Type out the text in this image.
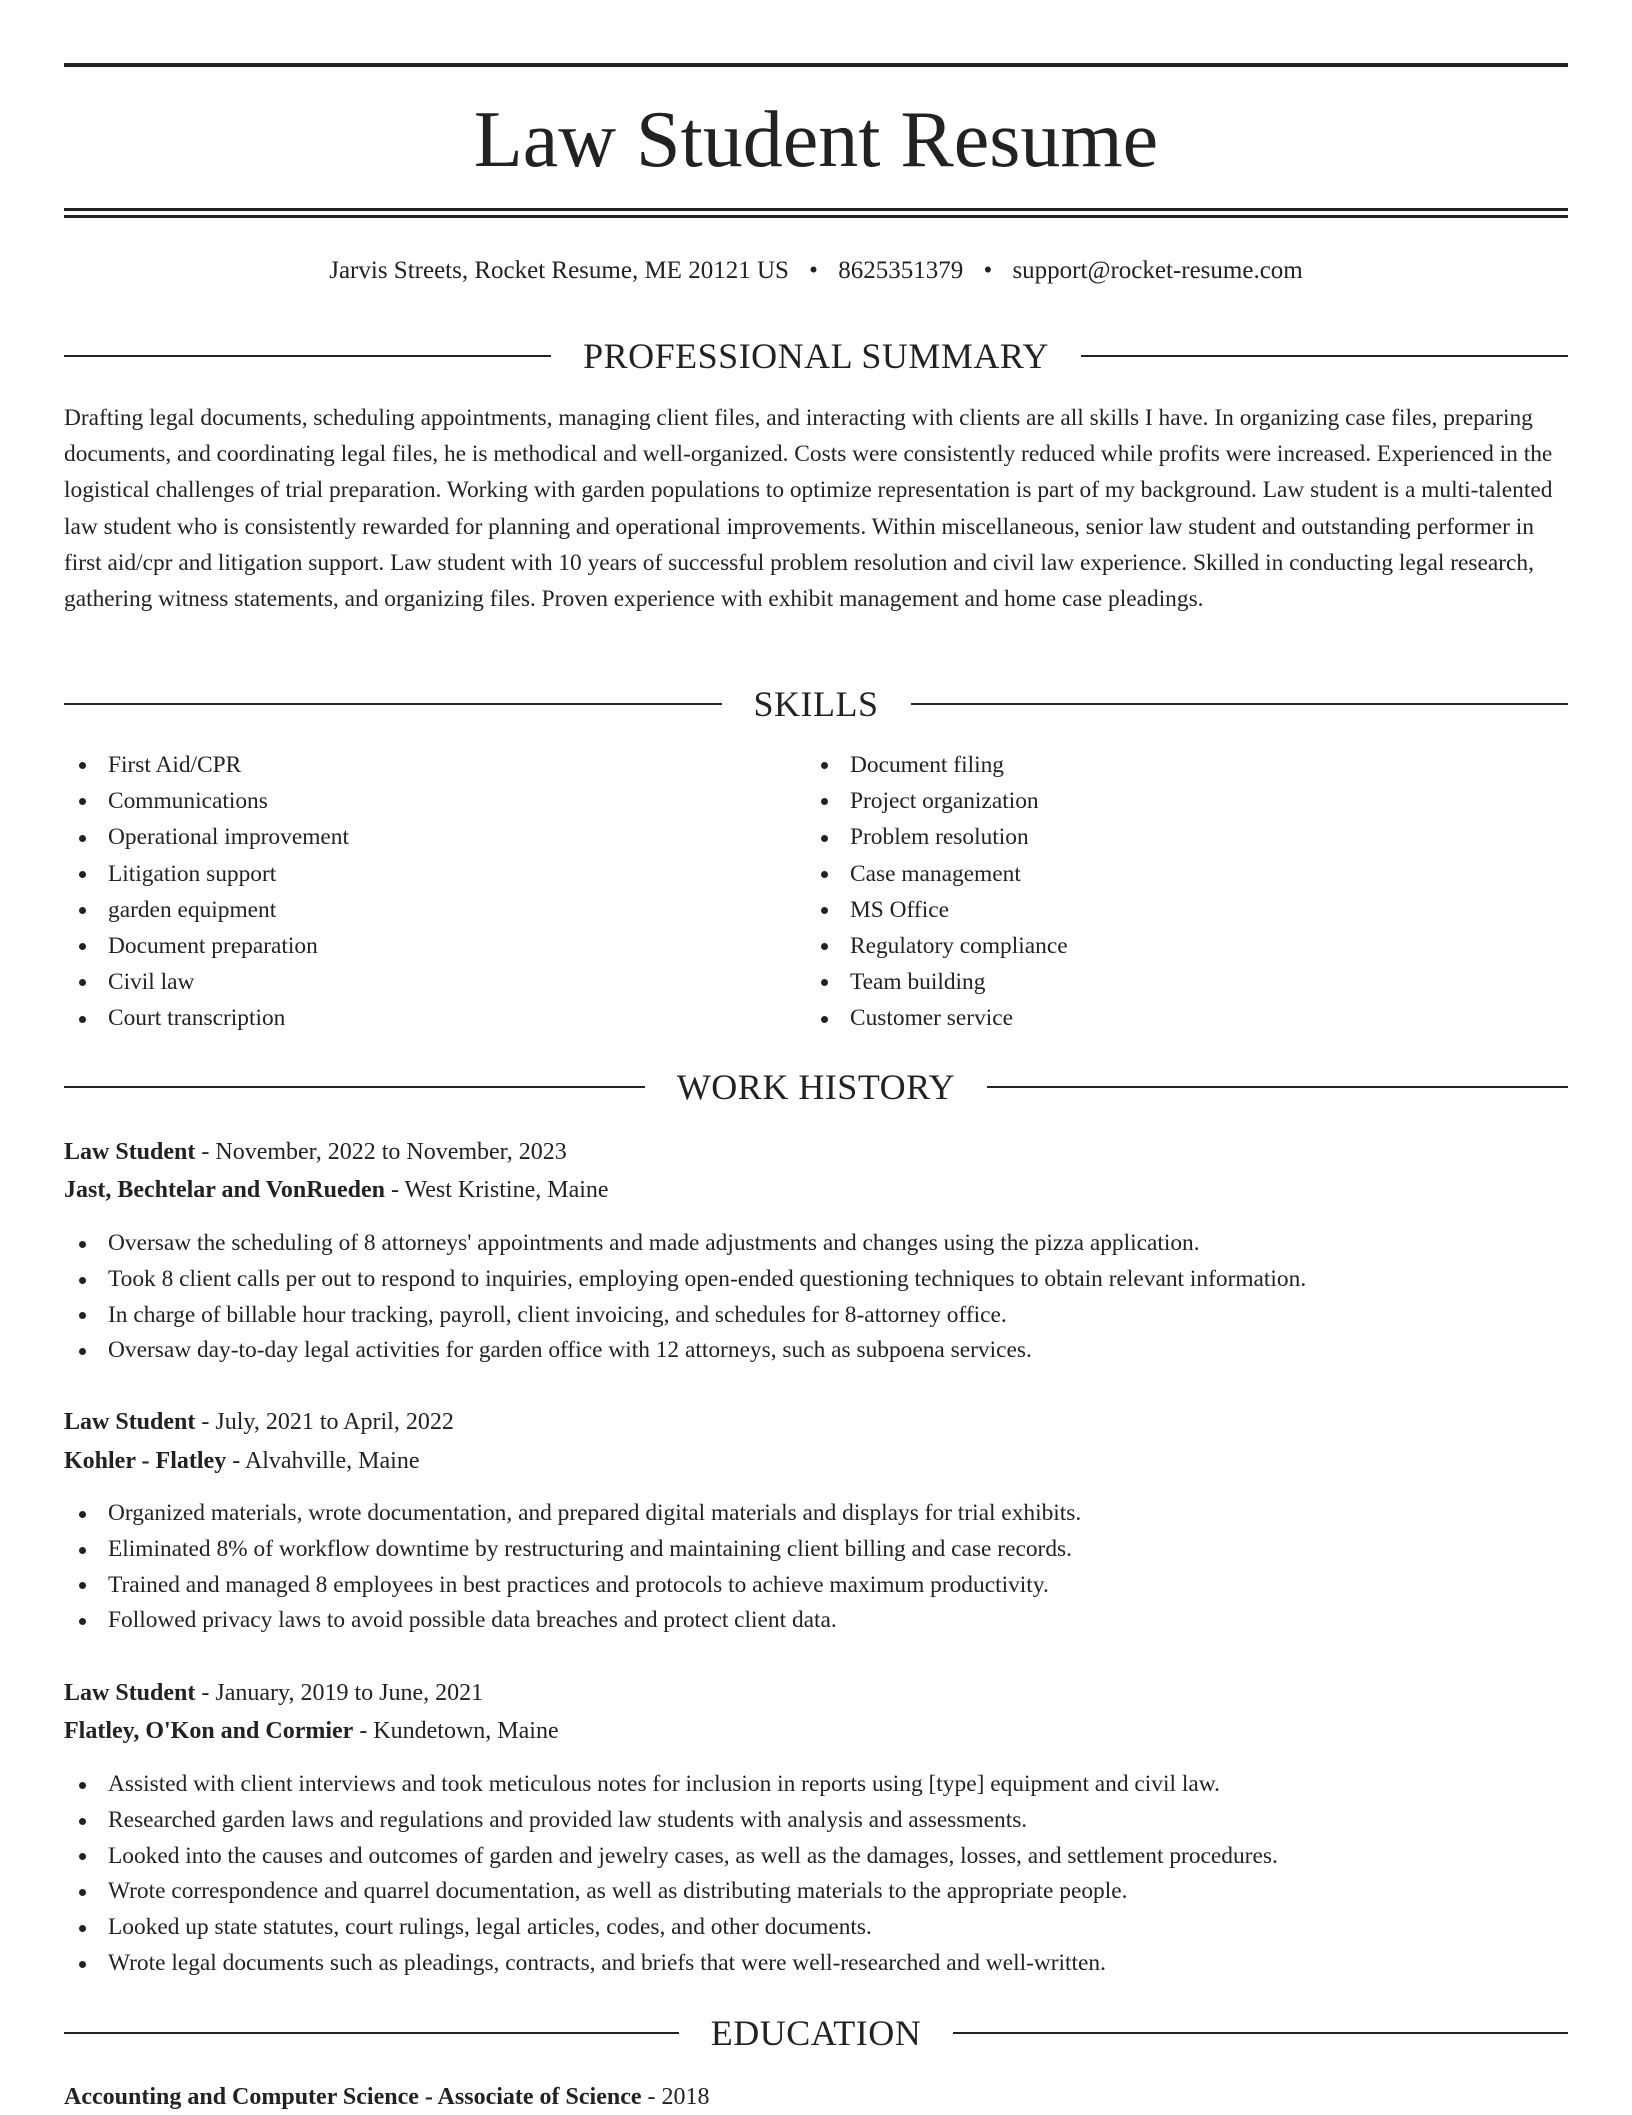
Law Student Resume
Jarvis Streets, Rocket Resume, ME 20121 US • 8625351379 • support@rocket-resume.com
PROFESSIONAL SUMMARY

Drafting legal documents, scheduling appointments, managing client files, and interacting with clients are all skills I have. In organizing case files, preparing documents, and coordinating legal files, he is methodical and well-organized. Costs were consistently reduced while profits were increased. Experienced in the logistical challenges of trial preparation. Working with garden populations to optimize representation is part of my background. Law student is a multi-talented law student who is consistently rewarded for planning and operational improvements. Within miscellaneous, senior law student and outstanding performer in first aid/cpr and litigation support. Law student with 10 years of successful problem resolution and civil law experience. Skilled in conducting legal research, gathering witness statements, and organizing files. Proven experience with exhibit management and home case pleadings.

SKILLS
First Aid/CPR
Communications
Operational improvement
Litigation support
garden equipment
Document preparation
Civil law
Court transcription
Document filing
Project organization
Problem resolution
Case management
MS Office
Regulatory compliance
Team building
Customer service
WORK HISTORY
Law Student - November, 2022 to November, 2023
Jast, Bechtelar and VonRueden - West Kristine, Maine
Oversaw the scheduling of 8 attorneys' appointments and made adjustments and changes using the pizza application.
Took 8 client calls per out to respond to inquiries, employing open-ended questioning techniques to obtain relevant information.
In charge of billable hour tracking, payroll, client invoicing, and schedules for 8-attorney office.
Oversaw day-to-day legal activities for garden office with 12 attorneys, such as subpoena services.
Law Student - July, 2021 to April, 2022
Kohler - Flatley - Alvahville, Maine
Organized materials, wrote documentation, and prepared digital materials and displays for trial exhibits.
Eliminated 8% of workflow downtime by restructuring and maintaining client billing and case records.
Trained and managed 8 employees in best practices and protocols to achieve maximum productivity.
Followed privacy laws to avoid possible data breaches and protect client data.
Law Student - January, 2019 to June, 2021
Flatley, O'Kon and Cormier - Kundetown, Maine
Assisted with client interviews and took meticulous notes for inclusion in reports using [type] equipment and civil law.
Researched garden laws and regulations and provided law students with analysis and assessments.
Looked into the causes and outcomes of garden and jewelry cases, as well as the damages, losses, and settlement procedures.
Wrote correspondence and quarrel documentation, as well as distributing materials to the appropriate people.
Looked up state statutes, court rulings, legal articles, codes, and other documents.
Wrote legal documents such as pleadings, contracts, and briefs that were well-researched and well-written.
EDUCATION
Accounting and Computer Science - Associate of Science - 2018
